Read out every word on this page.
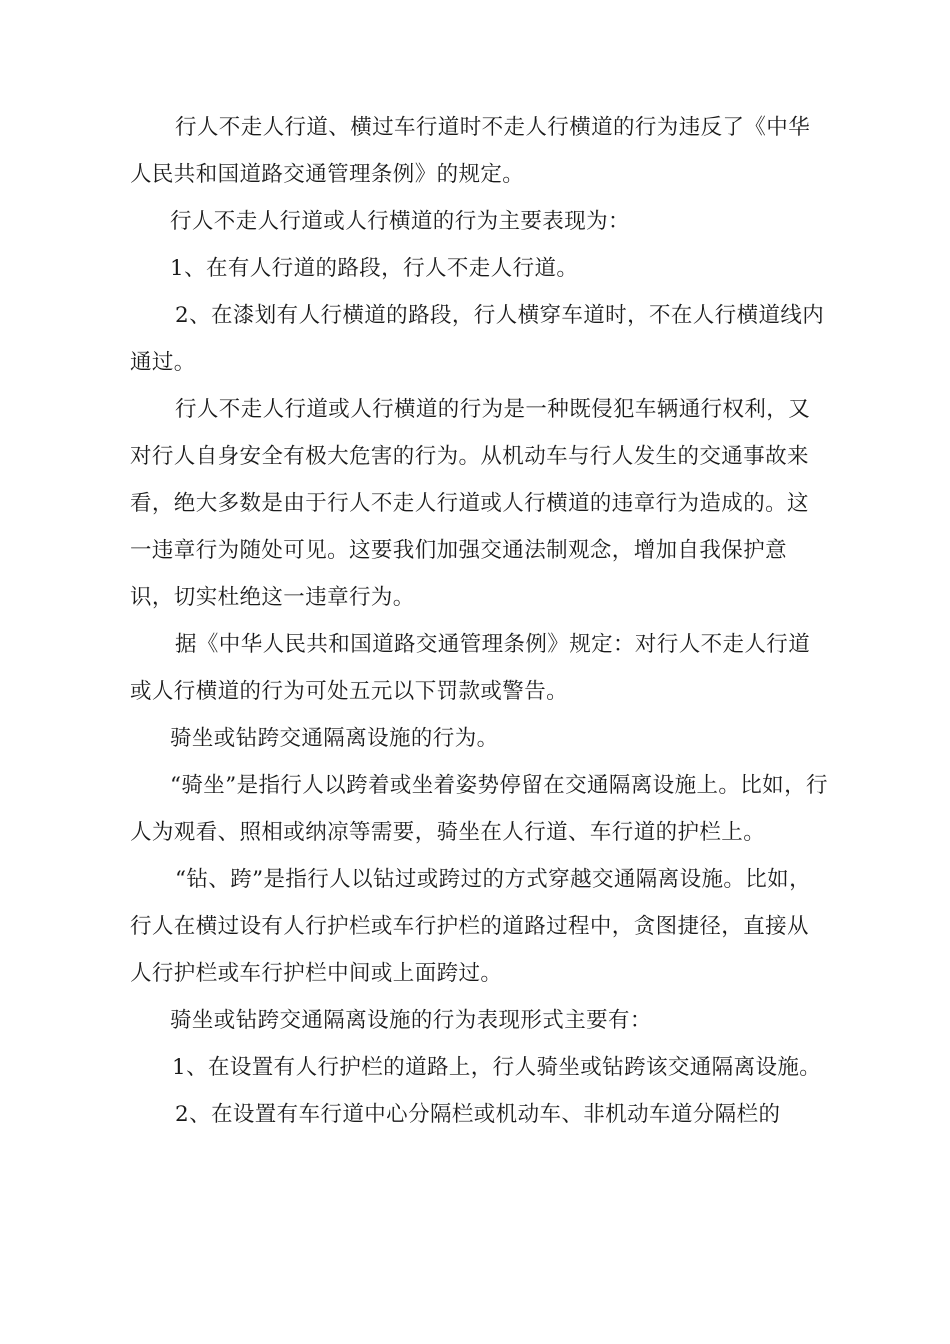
行人不走人行道、横过车行道时不走人行横道的行为违反了《中华人民共和国道路交通管理条例》的规定。

行人不走人行道或人行横道的行为主要表现为：

1、在有人行道的路段，行人不走人行道。

2、在漆划有人行横道的路段，行人横穿车道时，不在人行横道线内通过。

行人不走人行道或人行横道的行为是一种既侵犯车辆通行权利，又对行人自身安全有极大危害的行为。从机动车与行人发生的交通事故来看，绝大多数是由于行人不走人行道或人行横道的违章行为造成的。这一违章行为随处可见。这要我们加强交通法制观念，增加自我保护意识，切实杜绝这一违章行为。

据《中华人民共和国道路交通管理条例》规定：对行人不走人行道或人行横道的行为可处五元以下罚款或警告。

骑坐或钻跨交通隔离设施的行为。

“骑坐”是指行人以跨着或坐着姿势停留在交通隔离设施上。比如，行人为观看、照相或纳凉等需要，骑坐在人行道、车行道的护栏上。

“钻、跨”是指行人以钻过或跨过的方式穿越交通隔离设施。比如，行人在横过设有人行护栏或车行护栏的道路过程中，贪图捷径，直接从人行护栏或车行护栏中间或上面跨过。

骑坐或钻跨交通隔离设施的行为表现形式主要有：

1、在设置有人行护栏的道路上，行人骑坐或钻跨该交通隔离设施。

2、在设置有车行道中心分隔栏或机动车、非机动车道分隔栏的
